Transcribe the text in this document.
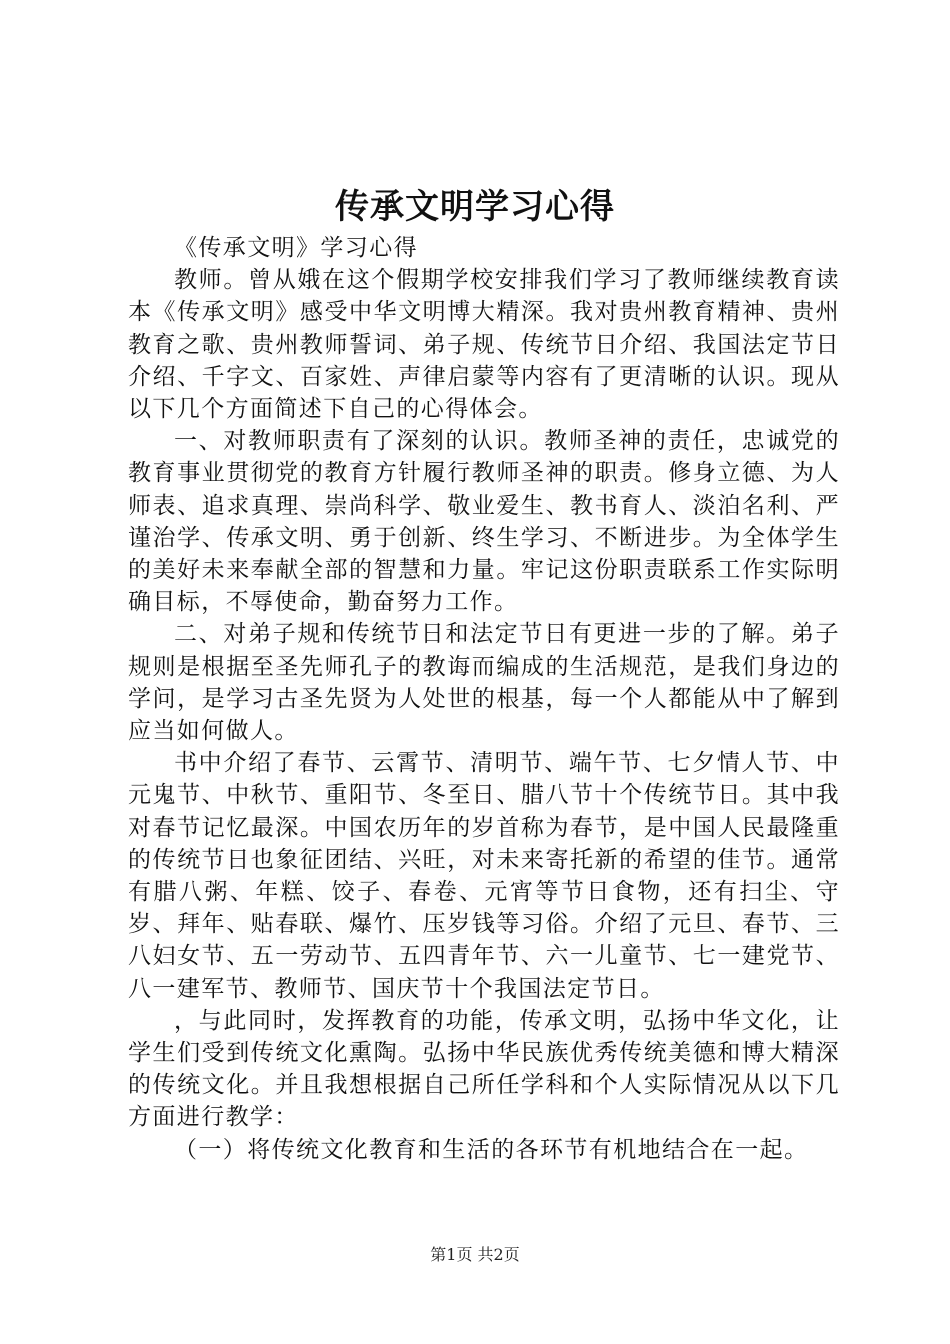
传承文明学习心得

《传承文明》学习心得

教师。曾从娥在这个假期学校安排我们学习了教师继续教育读本《传承文明》感受中华文明博大精深。我对贵州教育精神、贵州教育之歌、贵州教师誓词、弟子规、传统节日介绍、我国法定节日介绍、千字文、百家姓、声律启蒙等内容有了更清晰的认识。现从以下几个方面简述下自己的心得体会。

一、对教师职责有了深刻的认识。教师圣神的责任，忠诚党的教育事业贯彻党的教育方针履行教师圣神的职责。修身立德、为人师表、追求真理、崇尚科学、敬业爱生、教书育人、淡泊名利、严谨治学、传承文明、勇于创新、终生学习、不断进步。为全体学生的美好未来奉献全部的智慧和力量。牢记这份职责联系工作实际明确目标，不辱使命，勤奋努力工作。

二、对弟子规和传统节日和法定节日有更进一步的了解。弟子规则是根据至圣先师孔子的教诲而编成的生活规范，是我们身边的学问，是学习古圣先贤为人处世的根基，每一个人都能从中了解到应当如何做人。

书中介绍了春节、云霄节、清明节、端午节、七夕情人节、中元鬼节、中秋节、重阳节、冬至日、腊八节十个传统节日。其中我对春节记忆最深。中国农历年的岁首称为春节，是中国人民最隆重的传统节日也象征团结、兴旺，对未来寄托新的希望的佳节。通常有腊八粥、年糕、饺子、春卷、元宵等节日食物，还有扫尘、守岁、拜年、贴春联、爆竹、压岁钱等习俗。介绍了元旦、春节、三八妇女节、五一劳动节、五四青年节、六一儿童节、七一建党节、八一建军节、教师节、国庆节十个我国法定节日。

，与此同时，发挥教育的功能，传承文明，弘扬中华文化，让学生们受到传统文化熏陶。弘扬中华民族优秀传统美德和博大精深的传统文化。并且我想根据自己所任学科和个人实际情况从以下几方面进行教学：

（一）将传统文化教育和生活的各环节有机地结合在一起。

第1页 共2页
